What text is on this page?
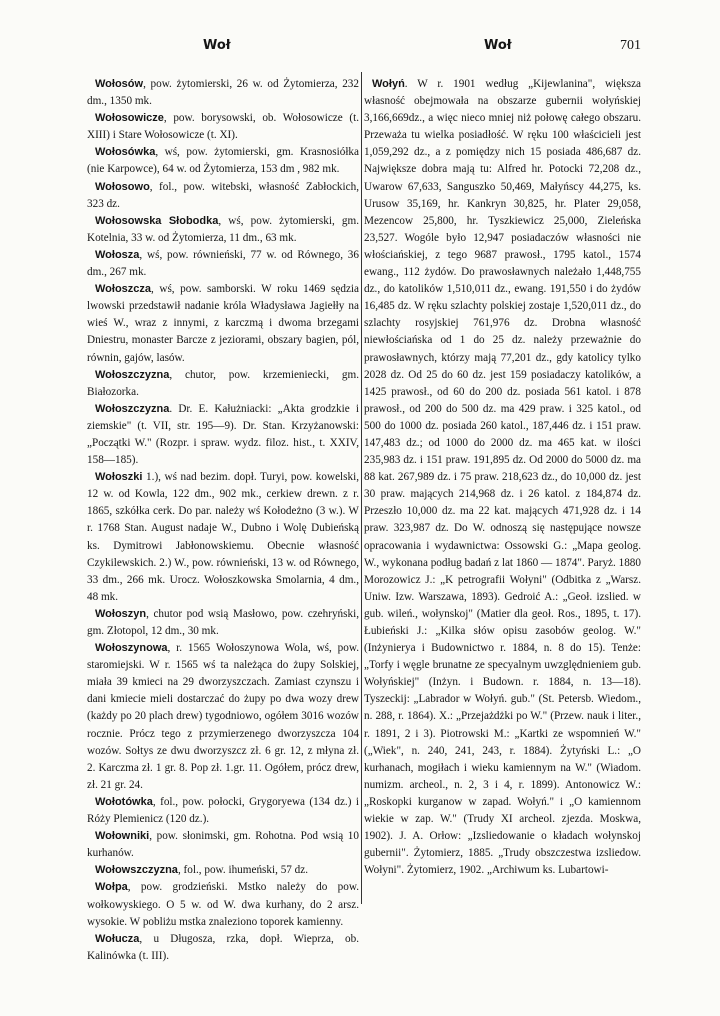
Woł	Woł	701

Wołosów, pow. żytomierski, 26 w. od Żytomierza, 232 dm., 1350 mk.

Wołosowicze, pow. borysowski, ob. Wołosowicze (t. XIII) i Stare Wołosowicze (t. XI).

Wołosówka, wś, pow. żytomierski, gm. Krasnosiółka (nie Karpowce), 64 w. od Żytomierza, 153 dm , 982 mk.

Wołosowo, fol., pow. witebski, własność Zabłockich, 323 dz.

Wołosowska Słobodka, wś, pow. żytomierski, gm. Kotelnia, 33 w. od Żytomierza, 11 dm., 63 mk.

Wołosza, wś, pow. równieński, 77 w. od Równego, 36 dm., 267 mk.

Wołoszcza, wś, pow. samborski. W roku 1469 sędzia lwowski przedstawił nadanie króla Władysława Jagiełły na wieś W., wraz z innymi, z karczmą i dwoma brzegami Dniestru, monaster Barcze z jeziorami, obszary bagien, pól, równin, gajów, lasów.

Wołoszczyzna, chutor, pow. krzemieniecki, gm. Białozorka.

Wołoszczyzna. Dr. E. Kałużniacki: „Akta grodzkie i ziemskie" (t. VII, str. 195—9). Dr. Stan. Krzyżanowski: „Początki W." (Rozpr. i spraw. wydz. filoz. hist., t. XXIV, 158—185).

Wołoszki 1.), wś nad bezim. dopł. Turyi, pow. kowelski, 12 w. od Kowla, 122 dm., 902 mk., cerkiew drewn. z r. 1865, szkółka cerk. Do par. należy wś Kołodeżno (3 w.). W r. 1768 Stan. August nadaje W., Dubno i Wolę Dubieńską ks. Dymitrowi Jabłonowskiemu. Obecnie własność Czykilewskich. 2.) W., pow. równieński, 13 w. od Równego, 33 dm., 266 mk. Urocz. Wołoszkowska Smolarnia, 4 dm., 48 mk.

Wołoszyn, chutor pod wsią Masłowo, pow. czehryński, gm. Złotopol, 12 dm., 30 mk.

Wołoszynowa, r. 1565 Wołoszynowa Wola, wś, pow. staromiejski. W r. 1565 wś ta należąca do żupy Solskiej, miała 39 kmieci na 29 dworzyszczach. Zamiast czynszu i dani kmiecie mieli dostarczać do żupy po dwa wozy drew (każdy po 20 plach drew) tygodniowo, ogółem 3016 wozów rocznie. Prócz tego z przymierzenego dworzyszcza 104 wozów. Sołtys ze dwu dworzyszcz zł. 6 gr. 12, z młyna zł. 2. Karczma zł. 1 gr. 8. Pop zł. 1.gr. 11. Ogółem, prócz drew, zł. 21 gr. 24.

Wołotówka, fol., pow. połocki, Grygoryewa (134 dz.) i Róży Plemienicz (120 dz.).

Wołowniki, pow. słonimski, gm. Rohotna. Pod wsią 10 kurhanów.

Wołowszczyzna, fol., pow. ihumeński, 57 dz.

Wołpa, pow. grodzieński. Mstko należy do pow. wołkowyskiego. O 5 w. od W. dwa kurhany, do 2 arsz. wysokie. W pobliżu mstka znaleziono toporek kamienny.

Wołucza, u Długosza, rzka, dopł. Wieprza, ob. Kalinówka (t. III).

Wołyń. W r. 1901 według „Kijewlanina", większa własność obejmowała na obszarze gubernii wołyńskiej 3,166,669dz., a więc nieco mniej niż połowę całego obszaru. Przeważa tu wielka posiadłość. W ręku 100 właścicieli jest 1,059,292 dz., a z pomiędzy nich 15 posiada 486,687 dz. Największe dobra mają tu: Alfred hr. Potocki 72,208 dz., Uwarow 67,633, Sanguszko 50,469, Małyńscy 44,275, ks. Urusow 35,169, hr. Kankryn 30,825, hr. Plater 29,058, Mezencow 25,800, hr. Tyszkiewicz 25,000, Zieleńska 23,527. Wogóle było 12,947 posiadaczów własności nie włościańskiej, z tego 9687 prawosł., 1795 katol., 1574 ewang., 112 żydów. Do prawosławnych należało 1,448,755 dz., do katolików 1,510,011 dz., ewang. 191,550 i do żydów 16,485 dz. W ręku szlachty polskiej zostaje 1,520,011 dz., do szlachty rosyjskiej 761,976 dz. Drobna własność niewłościańska od 1 do 25 dz. należy przeważnie do prawosławnych, którzy mają 77,201 dz., gdy katolicy tylko 2028 dz. Od 25 do 60 dz. jest 159 posiadaczy katolików, a 1425 prawosł., od 60 do 200 dz. posiada 561 katol. i 878 prawosł., od 200 do 500 dz. ma 429 praw. i 325 katol., od 500 do 1000 dz. posiada 260 katol., 187,446 dz. i 151 praw. 147,483 dz.; od 1000 do 2000 dz. ma 465 kat. w ilości 235,983 dz. i 151 praw. 191,895 dz. Od 2000 do 5000 dz. ma 88 kat. 267,989 dz. i 75 praw. 218,623 dz., do 10,000 dz. jest 30 praw. mających 214,968 dz. i 26 katol. z 184,874 dz. Przeszło 10,000 dz. ma 22 kat. mających 471,928 dz. i 14 praw. 323,987 dz. Do W. odnoszą się następujące nowsze opracowania i wydawnictwa: Ossowski G.: „Mapa geolog. W., wykonana podług badań z lat 1860 — 1874". Paryż. 1880 Morozowicz J.: „K petrografii Wołyni" (Odbitka z „Warsz. Uniw. Izw. Warszawa, 1893). Gedroić A.: „Geoł. izslied. w gub. wileń., wołynskoj" (Matier dla geoł. Ros., 1895, t. 17). Łubieński J.: „Kilka słów opisu zasobów geolog. W." (Inżynierya i Budownictwo r. 1884, n. 8 do 15). Tenże: „Torfy i węgle brunatne ze specyalnym uwzględnieniem gub. Wołyńskiej" (Inżyn. i Budown. r. 1884, n. 13—18). Tyszeckij: „Labrador w Wołyń. gub." (St. Petersb. Wiedom., n. 288, r. 1864). X.: „Przejażdżki po W." (Przew. nauk i liter., r. 1891, 2 i 3). Piotrowski M.: „Kartki ze wspomnień W." („Wiek", n. 240, 241, 243, r. 1884). Żytyński L.: „O kurhanach, mogiłach i wieku kamiennym na W." (Wiadom. numizm. archeol., n. 2, 3 i 4, r. 1899). Antonowicz W.: „Roskopki kurganow w zapad. Wołyń." i „O kamiennom wiekie w zap. W." (Trudy XI archeol. zjezda. Moskwa, 1902). J. A. Orłow: „Izsliedowanie o kładach wołynskoj gubernii". Żytomierz, 1885. „Trudy obszczestwa izsliedow. Wołyni". Żytomierz, 1902. „Archiwum ks. Lubartowi-
